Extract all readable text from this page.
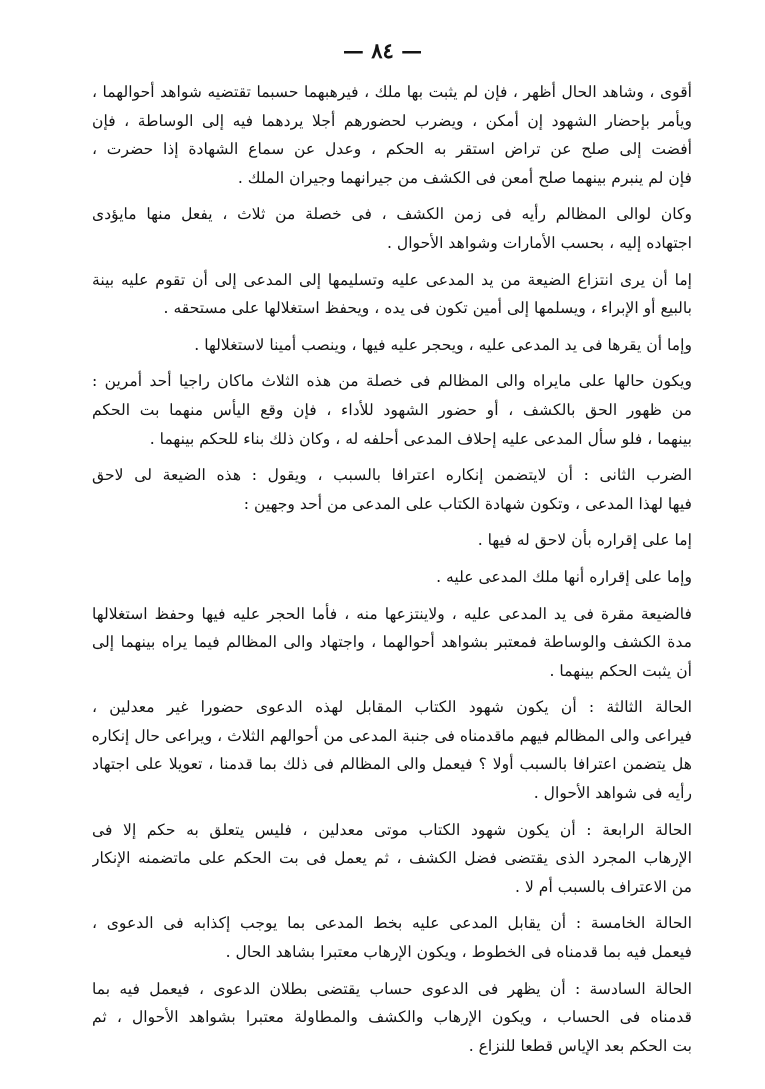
— ٨٤ —
أقوى ، وشاهد الحال أظهر ، فإن لم يثبت بها ملك ، فيرهبهما حسبما تقتضيه شواهد أحوالهما ،
ويأمر بإحضار الشهود إن أمكن ، ويضرب لحضورهم أجلا يردهما فيه إلى الوساطة ، فإن
أفضت إلى صلح عن تراض استقر به الحكم ، وعدل عن سماع الشهادة إذا حضرت ،
فإن لم ينبرم بينهما صلح أمعن فى الكشف من جيرانهما وجيران الملك .
وكان لوالى المظالم رأيه فى زمن الكشف ، فى خصلة من ثلاث ، يفعل منها مايؤدى
اجتهاده إليه ، بحسب الأمارات وشواهد الأحوال .
إما أن يرى انتزاع الضيعة من يد المدعى عليه وتسليمها إلى المدعى إلى أن تقوم عليه بينة
بالبيع أو الإبراء ، ويسلمها إلى أمين تكون فى يده ، ويحفظ استغلالها على مستحقه .
وإما أن يقرها فى يد المدعى عليه ، ويحجر عليه فيها ، وينصب أمينا لاستغلالها .
ويكون حالها على مايراه والى المظالم فى خصلة من هذه الثلاث ماكان راجيا أحد أمرين :
من ظهور الحق بالكشف ، أو حضور الشهود للأداء ، فإن وقع اليأس منهما بت الحكم
بينهما ، فلو سأل المدعى عليه إحلاف المدعى أحلفه له ، وكان ذلك بناء للحكم بينهما .
الضرب الثانى : أن لايتضمن إنكاره اعترافا بالسبب ، ويقول : هذه الضيعة لى لاحق
فيها لهذا المدعى ، وتكون شهادة الكتاب على المدعى من أحد وجهين :
إما على إقراره بأن لاحق له فيها .
وإما على إقراره أنها ملك المدعى عليه .
فالضيعة مقرة فى يد المدعى عليه ، ولاينتزعها منه ، فأما الحجر عليه فيها وحفظ استغلالها
مدة الكشف والوساطة فمعتبر بشواهد أحوالهما ، واجتهاد والى المظالم فيما يراه بينهما إلى
أن يثبت الحكم بينهما .
الحالة الثالثة : أن يكون شهود الكتاب المقابل لهذه الدعوى حضورا غير معدلين ،
فيراعى والى المظالم فيهم ماقدمناه فى جنبة المدعى من أحوالهم الثلاث ، ويراعى حال إنكاره
هل يتضمن اعترافا بالسبب أولا ؟ فيعمل والى المظالم فى ذلك بما قدمنا ، تعويلا على اجتهاد
رأيه فى شواهد الأحوال .
الحالة الرابعة : أن يكون شهود الكتاب موتى معدلين ، فليس يتعلق به حكم إلا فى
الإرهاب المجرد الذى يقتضى فضل الكشف ، ثم يعمل فى بت الحكم على ماتضمنه الإنكار
من الاعتراف بالسبب أم لا .
الحالة الخامسة : أن يقابل المدعى عليه بخط المدعى بما يوجب إكذابه فى الدعوى ،
فيعمل فيه بما قدمناه فى الخطوط ، ويكون الإرهاب معتبرا بشاهد الحال .
الحالة السادسة : أن يظهر فى الدعوى حساب يقتضى بطلان الدعوى ، فيعمل فيه بما
قدمناه فى الحساب ، ويكون الإرهاب والكشف والمطاولة معتبرا بشواهد الأحوال ، ثم
بت الحكم بعد الإياس قطعا للنزاع .
